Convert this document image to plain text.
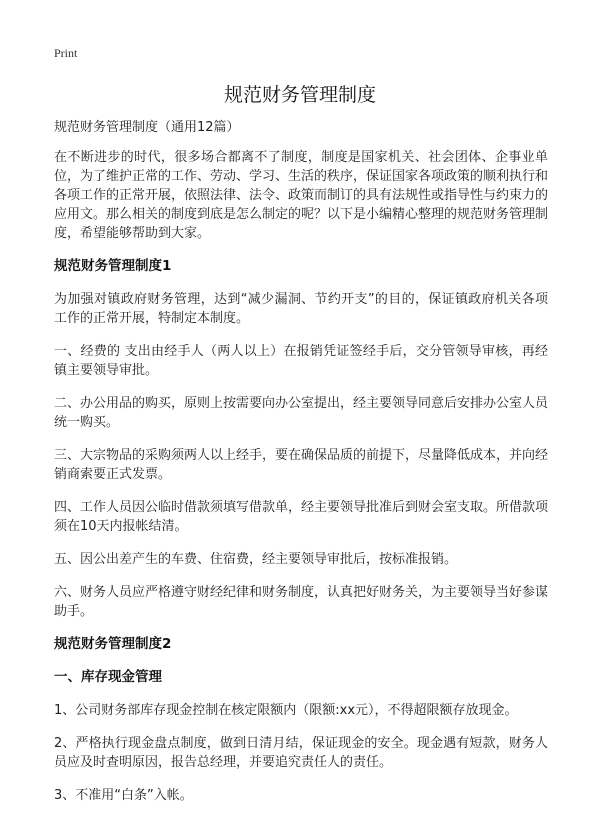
Print
规范财务管理制度
规范财务管理制度（通用12篇）

在不断进步的时代，很多场合都离不了制度，制度是国家机关、社会团体、企事业单位，为了维护正常的工作、劳动、学习、生活的秩序，保证国家各项政策的顺利执行和各项工作的正常开展，依照法律、法令、政策而制订的具有法规性或指导性与约束力的应用文。那么相关的制度到底是怎么制定的呢？以下是小编精心整理的规范财务管理制度，希望能够帮助到大家。

规范财务管理制度1

为加强对镇政府财务管理，达到“减少漏洞、节约开支”的目的，保证镇政府机关各项工作的正常开展，特制定本制度。

一、经费的 支出由经手人（两人以上）在报销凭证签经手后，交分管领导审核，再经镇主要领导审批。

二、办公用品的购买，原则上按需要向办公室提出，经主要领导同意后安排办公室人员统一购买。

三、大宗物品的采购须两人以上经手，要在确保品质的前提下，尽量降低成本，并向经销商索要正式发票。

四、工作人员因公临时借款须填写借款单，经主要领导批准后到财会室支取。所借款项须在10天内报帐结清。

五、因公出差产生的车费、住宿费，经主要领导审批后，按标准报销。

六、财务人员应严格遵守财经纪律和财务制度，认真把好财务关，为主要领导当好参谋助手。

规范财务管理制度2
一、库存现金管理

1、公司财务部库存现金控制在核定限额内（限额:xx元），不得超限额存放现金。

2、严格执行现金盘点制度，做到日清月结，保证现金的安全。现金遇有短款，财务人员应及时查明原因，报告总经理，并要追究责任人的责任。

3、不准用“白条”入帐。
